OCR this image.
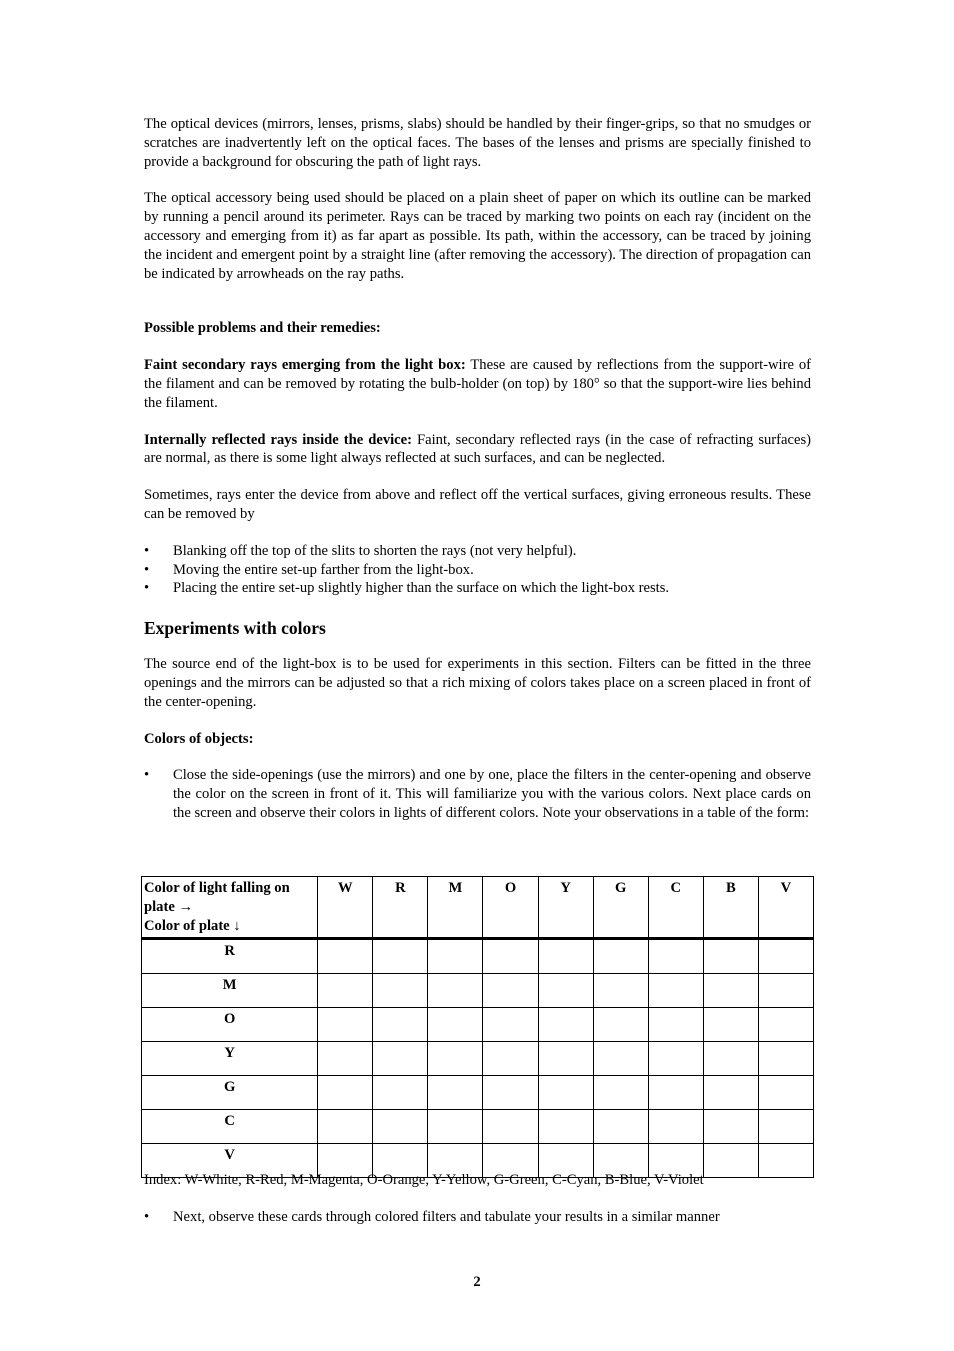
The optical devices (mirrors, lenses, prisms, slabs) should be handled by their finger-grips, so that no smudges or scratches are inadvertently left on the optical faces. The bases of the lenses and prisms are specially finished to provide a background for obscuring the path of light rays.

The optical accessory being used should be placed on a plain sheet of paper on which its outline can be marked by running a pencil around its perimeter. Rays can be traced by marking two points on each ray (incident on the accessory and emerging from it) as far apart as possible. Its path, within the accessory, can be traced by joining the incident and emergent point by a straight line (after removing the accessory). The direction of propagation can be indicated by arrowheads on the ray paths.

Possible problems and their remedies:

Faint secondary rays emerging from the light box: These are caused by reflections from the support-wire of the filament and can be removed by rotating the bulb-holder (on top) by 180° so that the support-wire lies behind the filament.

Internally reflected rays inside the device: Faint, secondary reflected rays (in the case of refracting surfaces) are normal, as there is some light always reflected at such surfaces, and can be neglected.

Sometimes, rays enter the device from above and reflect off the vertical surfaces, giving erroneous results. These can be removed by

• Blanking off the top of the slits to shorten the rays (not very helpful).
• Moving the entire set-up farther from the light-box.
• Placing the entire set-up slightly higher than the surface on which the light-box rests.

Experiments with colors

The source end of the light-box is to be used for experiments in this section. Filters can be fitted in the three openings and the mirrors can be adjusted so that a rich mixing of colors takes place on a screen placed in front of the center-opening.

Colors of objects:

• Close the side-openings (use the mirrors) and one by one, place the filters in the center-opening and observe the color on the screen in front of it. This will familiarize you with the various colors. Next place cards on the screen and observe their colors in lights of different colors. Note your observations in a table of the form:
Color of light falling on
plate →
Color of plate ↓	W	R	M	O	Y	G	C	B	V
R									
M									
O									
Y									
G									
C									
V									
Index: W-White, R-Red, M-Magenta, O-Orange, Y-Yellow, G-Green, C-Cyan, B-Blue, V-Violet
• Next, observe these cards through colored filters and tabulate your results in a similar manner
2
